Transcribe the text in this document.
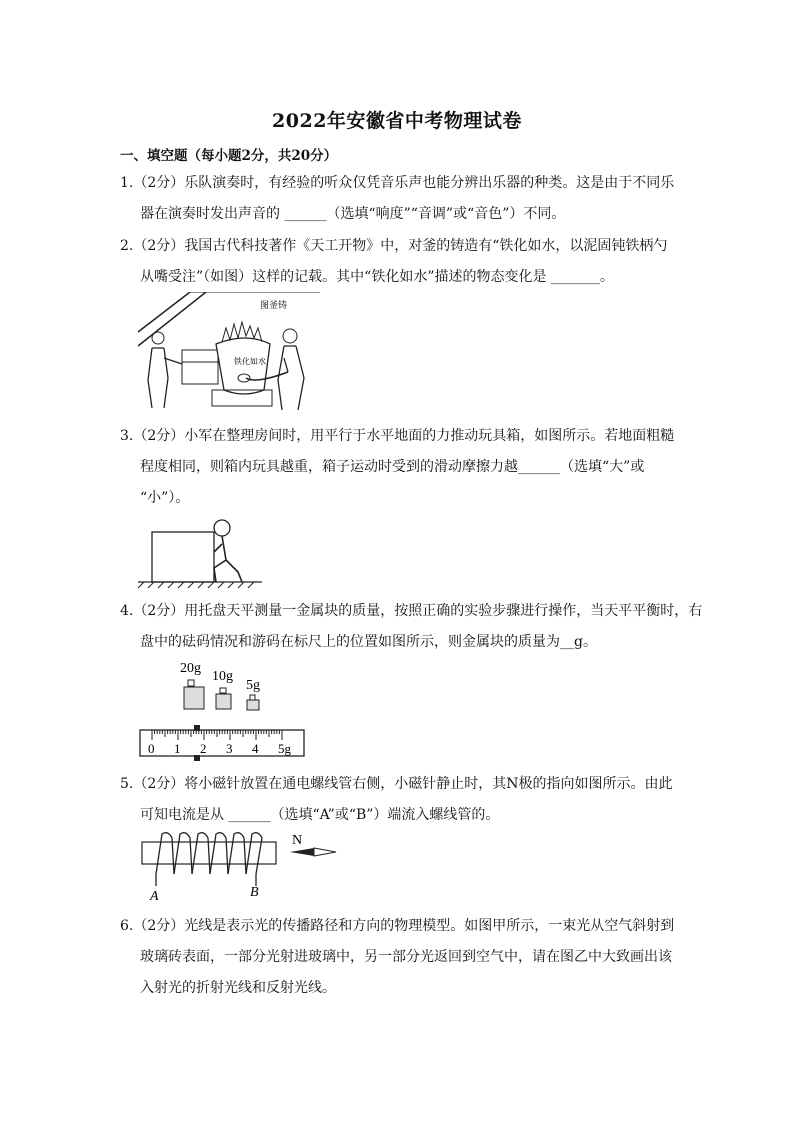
2022年安徽省中考物理试卷
一、填空题（每小题2分，共20分）
1.（2分）乐队演奏时，有经验的听众仅凭音乐声也能分辨出乐器的种类。这是由于不同乐
器在演奏时发出声音的 ______（选填“响度”“音调”或“音色”）不同。
2.（2分）我国古代科技著作《天工开物》中，对釜的铸造有“铁化如水，以泥固钝铁柄勺
从嘴受注”（如图）这样的记载。其中“铁化如水”描述的物态变化是 _______。
图釜铸
铁化如水
3.（2分）小军在整理房间时，用平行于水平地面的力推动玩具箱，如图所示。若地面粗糙
程度相同，则箱内玩具越重，箱子运动时受到的滑动摩擦力越______（选填“大”或
“小”）。
4.（2分）用托盘天平测量一金属块的质量，按照正确的实验步骤进行操作，当天平平衡时，右
盘中的砝码情况和游码在标尺上的位置如图所示，则金属块的质量为__g。
20g
10g
5g
0 1 2 3 4 5g
5.（2分）将小磁针放置在通电螺线管右侧，小磁针静止时，其N极的指向如图所示。由此
可知电流是从 ______（选填“A”或“B”）端流入螺线管的。
A	B
N
6.（2分）光线是表示光的传播路径和方向的物理模型。如图甲所示，一束光从空气斜射到
玻璃砖表面，一部分光射进玻璃中，另一部分光返回到空气中，请在图乙中大致画出该
入射光的折射光线和反射光线。
